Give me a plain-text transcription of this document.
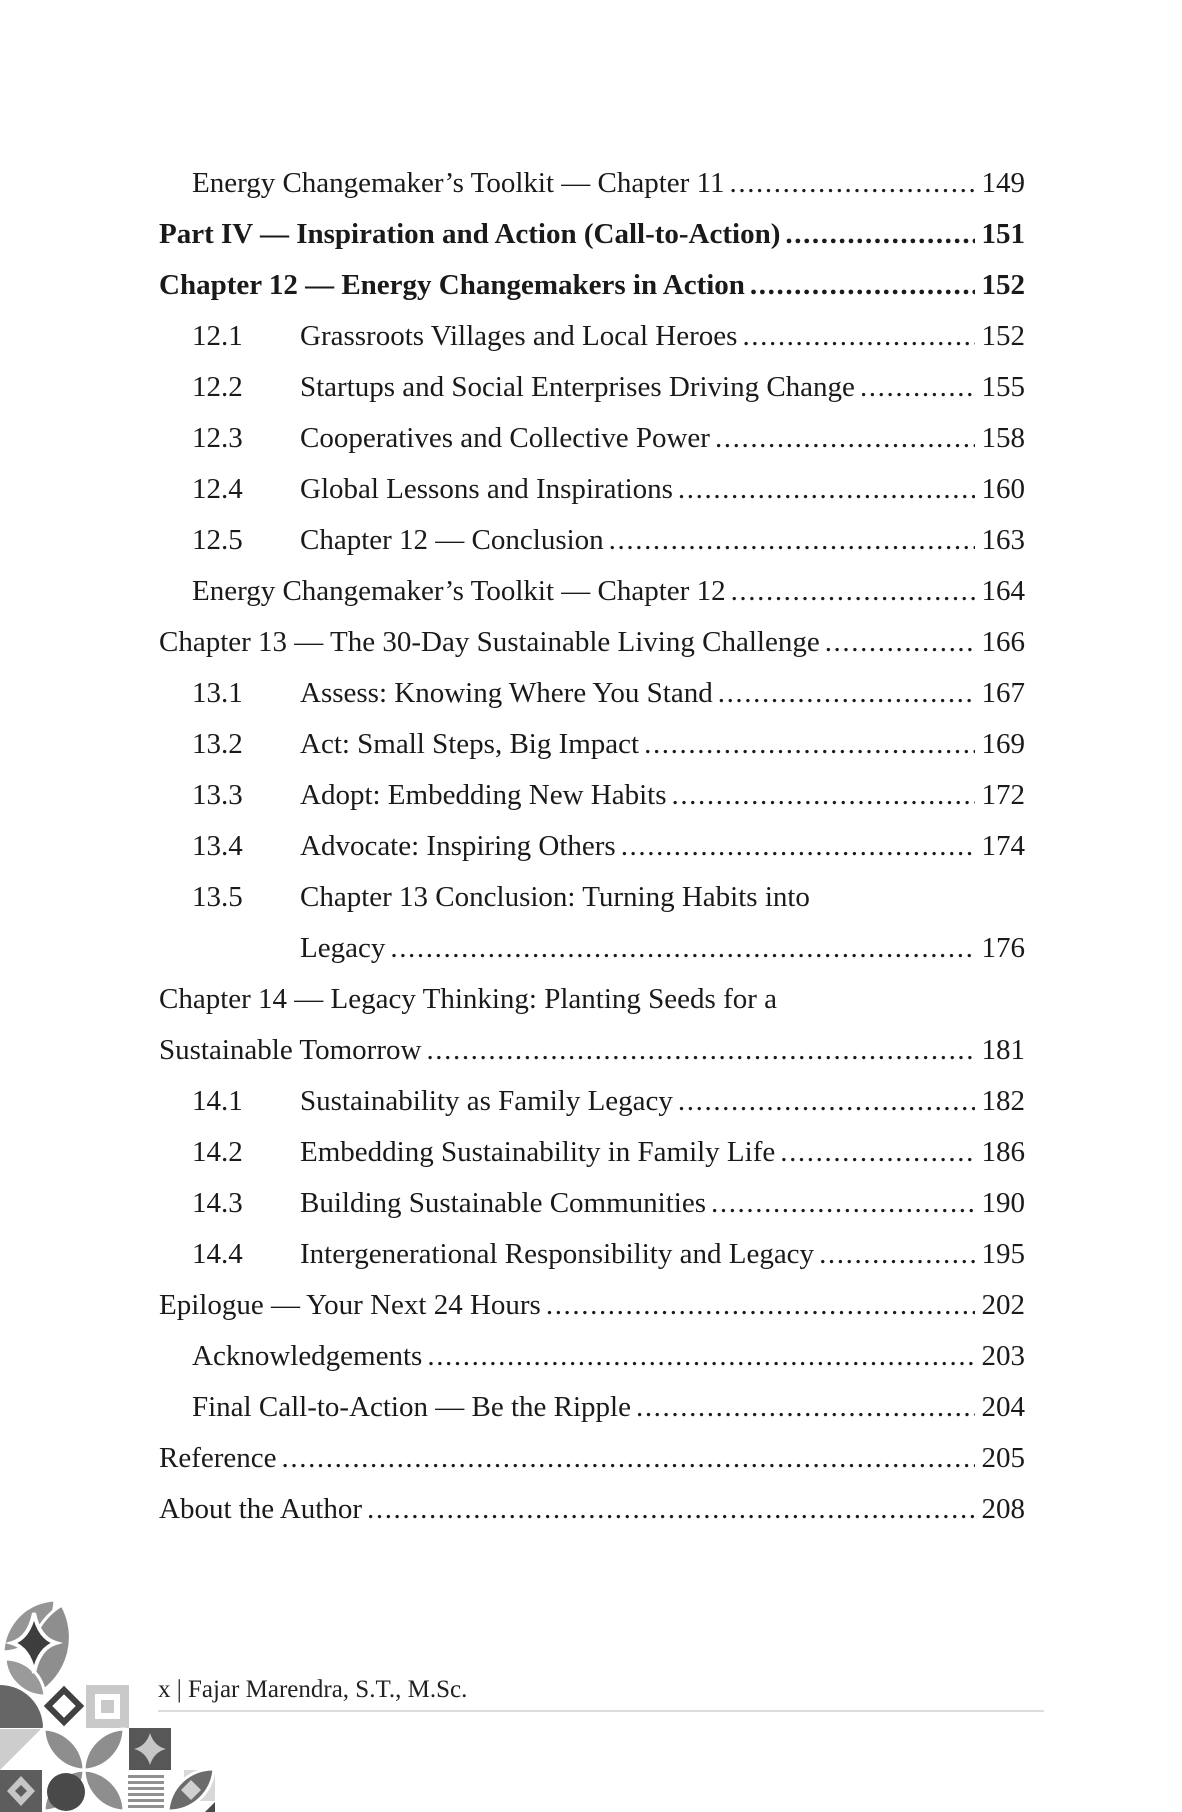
Energy Changemaker’s Toolkit — Chapter 11 .....	149
Part IV — Inspiration and Action (Call-to-Action) .....	151
Chapter 12 — Energy Changemakers in Action .....	152
12.1 Grassroots Villages and Local Heroes .....	152
12.2 Startups and Social Enterprises Driving Change .....	155
12.3 Cooperatives and Collective Power .....	158
12.4 Global Lessons and Inspirations .....	160
12.5 Chapter 12 — Conclusion .....	163
Energy Changemaker’s Toolkit — Chapter 12 .....	164
Chapter 13 — The 30-Day Sustainable Living Challenge .....	166
13.1 Assess: Knowing Where You Stand .....	167
13.2 Act: Small Steps, Big Impact .....	169
13.3 Adopt: Embedding New Habits .....	172
13.4 Advocate: Inspiring Others .....	174
13.5 Chapter 13 Conclusion: Turning Habits into
Legacy .....	176
Chapter 14 — Legacy Thinking: Planting Seeds for a
Sustainable Tomorrow .....	181
14.1 Sustainability as Family Legacy .....	182
14.2 Embedding Sustainability in Family Life .....	186
14.3 Building Sustainable Communities .....	190
14.4 Intergenerational Responsibility and Legacy .....	195
Epilogue — Your Next 24 Hours .....	202
Acknowledgements .....	203
Final Call-to-Action — Be the Ripple .....	204
Reference .....	205
About the Author .....	208
x | Fajar Marendra, S.T., M.Sc.
